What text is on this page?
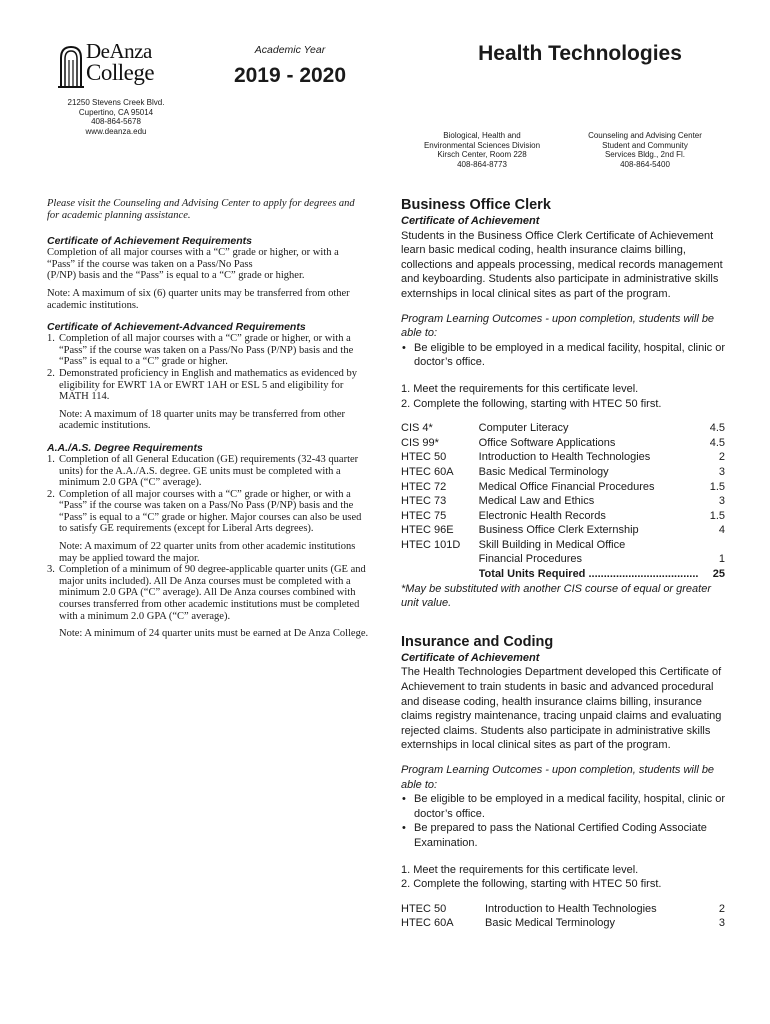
DeAnza
College
21250 Stevens Creek Blvd.
Cupertino, CA 95014
408-864-5678
www.deanza.edu
Academic Year
2019 - 2020
Health Technologies
Biological, Health and
Environmental Sciences Division
Kirsch Center, Room 228
408-864-8773
Counseling and Advising Center
Student and Community
Services Bldg., 2nd Fl.
408-864-5400

Please visit the Counseling and Advising Center to apply for degrees and for academic planning assistance.

Certificate of Achievement Requirements

Completion of all major courses with a “C” grade or higher, or with a

“Pass” if the course was taken on a Pass/No Pass

(P/NP) basis and the “Pass” is equal to a “C” grade or higher.

Note: A maximum of six (6) quarter units may be transferred from other academic institutions.

Certificate of Achievement-Advanced Requirements
1. Completion of all major courses with a “C” grade or higher, or with a “Pass” if the course was taken on a Pass/No Pass (P/NP) basis and the “Pass” is equal to a “C” grade or higher.
2. Demonstrated proficiency in English and mathematics as evidenced by eligibility for EWRT 1A or EWRT 1AH or ESL 5 and eligibility for MATH 114.

Note: A maximum of 18 quarter units may be transferred from other academic institutions.

A.A./A.S. Degree Requirements
1. Completion of all General Education (GE) requirements (32-43 quarter units) for the A.A./A.S. degree. GE units must be completed with a minimum 2.0 GPA (“C” average).
2. Completion of all major courses with a “C” grade or higher, or with a “Pass” if the course was taken on a Pass/No Pass (P/NP) basis and the “Pass” is equal to a “C” grade or higher. Major courses can also be used to satisfy GE requirements (except for Liberal Arts degrees).

Note: A maximum of 22 quarter units from other academic institutions may be applied toward the major.

3. Completion of a minimum of 90 degree-applicable quarter units (GE and major units included). All De Anza courses must be completed with a minimum 2.0 GPA (“C” average). All De Anza courses combined with courses transferred from other academic institutions must be completed with a minimum 2.0 GPA (“C” average).

Note: A minimum of 24 quarter units must be earned at De Anza College.

Business Office Clerk
Certificate of Achievement

Students in the Business Office Clerk Certificate of Achievement learn basic medical coding, health insurance claims billing, collections and appeals processing, medical records management and keyboarding. Students also participate in administrative skills externships in local clinical sites as part of the program.

Program Learning Outcomes - upon completion, students will be able to:

• Be eligible to be employed in a medical facility, hospital, clinic or doctor’s office.

1. Meet the requirements for this certificate level.

2. Complete the following, starting with HTEC 50 first.

CIS 4*	Computer Literacy	4.5
CIS 99*	Office Software Applications	4.5
HTEC 50	Introduction to Health Technologies	2
HTEC 60A	Basic Medical Terminology	3
HTEC 72	Medical Office Financial Procedures	1.5
HTEC 73	Medical Law and Ethics	3
HTEC 75	Electronic Health Records	1.5
HTEC 96E	Business Office Clerk Externship	4
HTEC 101D	Skill Building in Medical Office	
	Financial Procedures	1
	Total Units Required ....................................	25

*May be substituted with another CIS course of equal or greater unit value.

Insurance and Coding
Certificate of Achievement

The Health Technologies Department developed this Certificate of Achievement to train students in basic and advanced procedural and disease coding, health insurance claims billing, insurance claims registry maintenance, tracing unpaid claims and evaluating rejected claims. Students also participate in administrative skills externships in local clinical sites as part of the program.

Program Learning Outcomes - upon completion, students will be able to:

• Be eligible to be employed in a medical facility, hospital, clinic or doctor’s office.
• Be prepared to pass the National Certified Coding Associate Examination.

1. Meet the requirements for this certificate level.

2. Complete the following, starting with HTEC 50 first.

HTEC 50	Introduction to Health Technologies	2
HTEC 60A	Basic Medical Terminology	3
